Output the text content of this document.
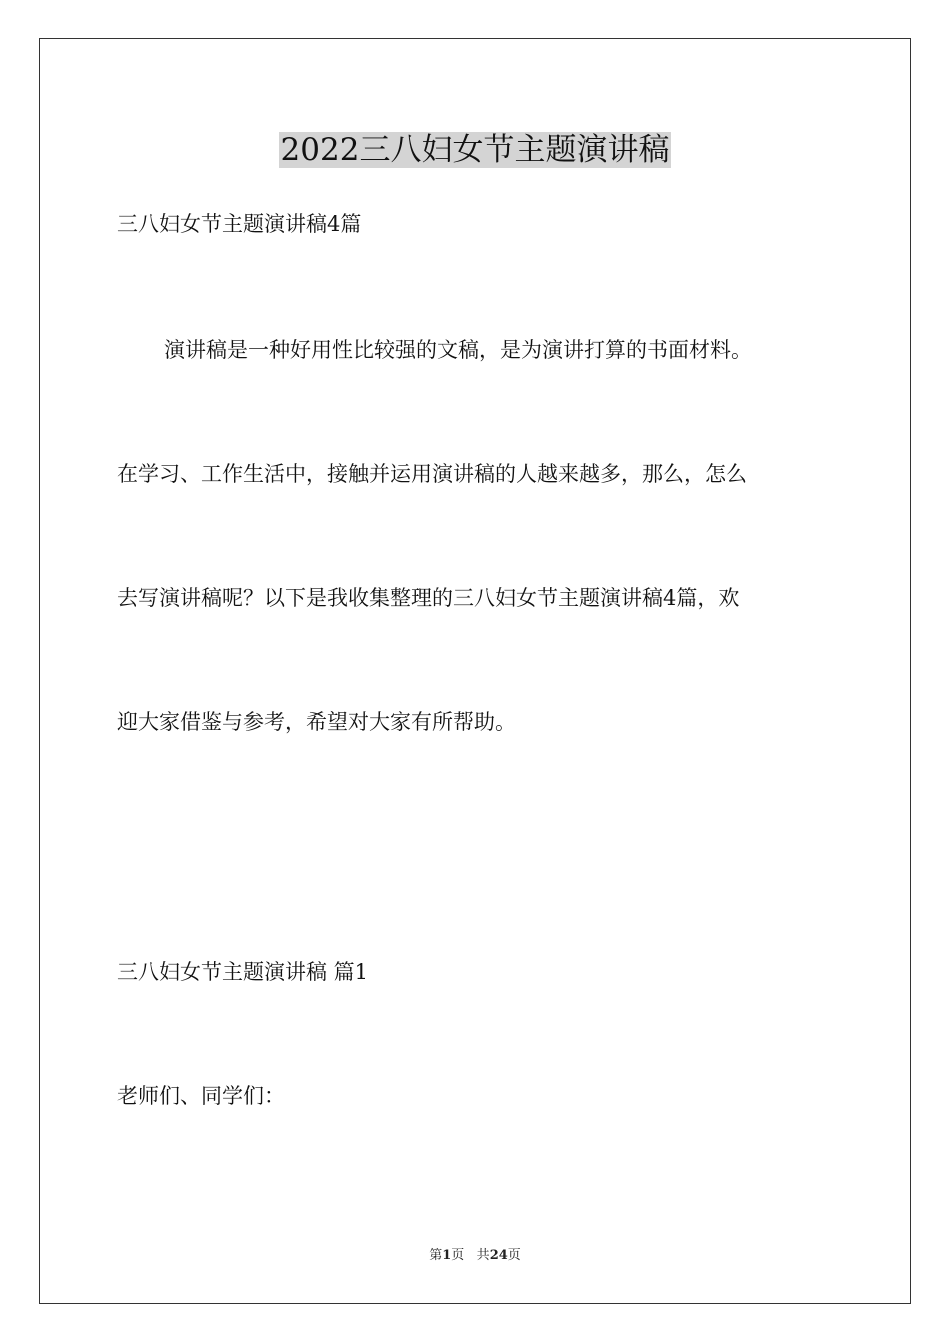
2022三八妇女节主题演讲稿
三八妇女节主题演讲稿4篇
演讲稿是一种好用性比较强的文稿，是为演讲打算的书面材料。
在学习、工作生活中，接触并运用演讲稿的人越来越多，那么，怎么
去写演讲稿呢？以下是我收集整理的三八妇女节主题演讲稿4篇，欢
迎大家借鉴与参考，希望对大家有所帮助。
三八妇女节主题演讲稿 篇1
老师们、同学们：
第1页 共24页
